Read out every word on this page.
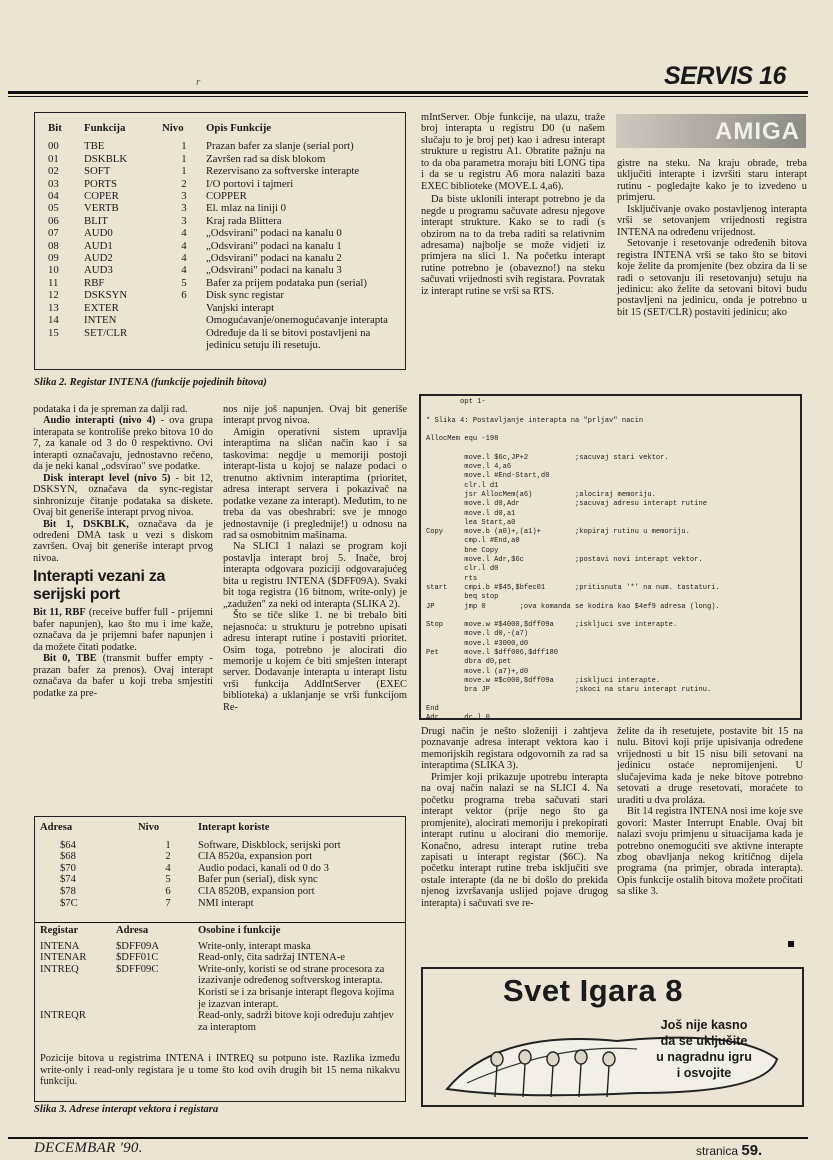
r	SERVIS 16
Bit	Funkcija	Nivo	Opis Funkcije
00	TBE	1	Prazan bafer za slanje (serial port)
01	DSKBLK	1	Završen rad sa disk blokom
02	SOFT	1	Rezervisano za softverske interapte
03	PORTS	2	I/O portovi i tajmeri
04	COPER	3	COPPER
05	VERTB	3	El. mlaz na liniji 0
06	BLIT	3	Kraj rada Blittera
07	AUD0	4	„Odsvirani" podaci na kanalu 0
08	AUD1	4	„Odsvirani" podaci na kanalu 1
09	AUD2	4	„Odsvirani" podaci na kanalu 2
10	AUD3	4	„Odsvirani" podaci na kanalu 3
11	RBF	5	Bafer za prijem podataka pun (serial)
12	DSKSYN	6	Disk sync registar
13	EXTER		Vanjski interapt
14	INTEN		Omogućavanje/onemogućavanje interapta
15	SET/CLR		Određuje da li se bitovi postavljeni na jedinicu setuju ili resetuju.
Slika 2. Registar INTENA (funkcije pojedinih bitova)
AMIGA

mIntServer. Obje funkcije, na ulazu, traže broj interapta u registru D0 (u našem slučaju to je broj pet) kao i adresu interapt strukture u registru A1. Obratite pažnju na to da oba parametra moraju biti LONG tipa i da se u registru A6 mora nalaziti baza EXEC biblioteke (MOVE.L 4,a6).

Da biste uklonili interapt potrebno je da negde u programu sačuvate adresu njegove interapt strukture. Kako se to radi (s obzirom na to da treba raditi sa relativnim adresama) najbolje se može vidjeti iz primjera na slici 1. Na početku interapt rutine potrebno je (obavezno!) na steku sačuvati vrijednosti svih registara. Povratak iz interapt rutine se vrši sa RTS.

gistre na steku. Na kraju obrade, treba uključiti interapte i izvršiti staru interapt rutinu - pogledajte kako je to izvedeno u primjeru.

Isključivanje ovako postavljenog interapta vrši se setovanjem vrijednosti registra INTENA na određenu vrijednost.

Setovanje i resetovanje određenih bitova registra INTENA vrši se tako što se bitovi koje želite da promjenite (bez obzira da li se radi o setovanju ili resetovanju) setuju na jedinicu: ako želite da setovani bitovi budu postavljeni na jedinicu, onda je potrebno u bit 15 (SET/CLR) postaviti jedinicu; ako

podataka i da je spreman za dalji rad.

Audio interapti (nivo 4) - ova grupa interapata se kontroliše preko bitova 10 do 7, za kanale od 3 do 0 respektivno. Ovi interapti označavaju, jednostavno rečeno, da je neki kanal „odsvirao" sve podatke.

Disk interapt level (nivo 5) - bit 12, DSKSYN, označava da sync-registar sinhronizuje čitanje podataka sa diskete. Ovaj bit generiše interapt prvog nivoa.

Bit 1, DSKBLK, označava da je određeni DMA task u vezi s diskom završen. Ovaj bit generiše interapt prvog nivoa.

Interapti vezani za serijski port

Bit 11, RBF (receive buffer full - prijemni bafer napunjen), kao što mu i ime kaže, označava da je prijemni bafer napunjen i da možete čitati podatke.

Bit 0, TBE (transmit buffer empty - prazan bafer za prenos). Ovaj interapt označava da bafer u koji treba smjestiti podatke za pre-

nos nije još napunjen. Ovaj bit generiše interapt prvog nivoa.

Amigin operativni sistem upravlja interaptima na sličan način kao i sa taskovima: negdje u memoriji postoji interapt-lista u kojoj se nalaze podaci o trenutno aktivnim interaptima (prioritet, adresa interapt servera i pokazivač na podatke vezane za interapt). Međutim, to ne treba da vas obeshrabri: sve je mnogo jednostavnije (i preglednije!) u odnosu na rad sa osmobitnim mašinama.

Na SLICI 1 nalazi se program koji postavlja interapt broj 5. Inače, broj interapta odgovara poziciji odgovarajućeg bita u registru INTENA ($DFF09A). Svaki bit toga registra (16 bitnom, write-only) je „zadužen" za neki od interapta (SLIKA 2).

Što se tiče slike 1. ne bi trebalo biti nejasnoća: u strukturu je potrebno upisati adresu interapt rutine i postaviti prioritet. Osim toga, potrebno je alocirati dio memorije u kojem će biti smješten interapt server. Dodavanje interapta u interapt listu vrši funkcija AddIntServer (EXEC biblioteka) a uklanjanje se vrši funkcijom Re-

opt 1-
* Slika 4: Postavljanje interapta na "prljav" nacin
AllocMem equ -198
move.l $6c,JP+2           ;sacuvaj stari vektor.
move.l 4,a6
move.l #End-Start,d0
clr.l d1
jsr AllocMem(a6)          ;alociraj memoriju.
move.l d0,Adr             ;sacuvaj adresu interapt rutine
move.l d0,a1
lea Start,a0
Copy     move.b (a0)+,(a1)+        ;kopiraj rutinu u memoriju.
cmp.l #End,a0
bne Copy
move.l Adr,$6c            ;postavi novi interapt vektor.
clr.l d0
rts
start    cmpi.b #$45,$bfec01       ;pritisnuta '*' na num. tastaturi.
beq stop
JP       jmp 0        ;ova komanda se kodira kao $4ef9 adresa (long).
Stop     move.w #$4000,$dff09a     ;iskljuci sve interapte.
move.l d0,-(a7)
move.l #3000,d0
Pet      move.l $dff006,$dff180
dbra d0,pet
move.l (a7)+,d0
move.w #$c000,$dff09a     ;iskljuci interapte.
bra JP                    ;skoci na staru interapt rutinu.
End
Adr      dc.l 0
Adresa	Nivo	Interapt koriste
$64	1	Software, Diskblock, serijski port
$68	2	CIA 8520a, expansion port
$70	4	Audio podaci, kanali od 0 do 3
$74	5	Bafer pun (serial), disk sync
$78	6	CIA 8520B, expansion port
$7C	7	NMI interapt
Registar	Adresa	Osobine i funkcije
INTENA	$DFF09A	Write-only, interapt maska
INTENAR	$DFF01C	Read-only, čita sadržaj INTENA-e
INTREQ	$DFF09C	Write-only, koristi se od strane procesora za izazivanje određenog softverskog interapta. Koristi se i za brisanje interapt flegova kojima je izazvan interapt.
INTREQR		Read-only, sadrži bitove koji određuju zahtjev za interaptom
Pozicije bitova u registrima INTENA i INTREQ su potpuno iste. Razlika između write-only i read-only registara je u tome što kod ovih drugih bit 15 nema nikakvu funkciju.
Slika 3. Adrese interapt vektora i registara

Drugi način je nešto složeniji i zahtjeva poznavanje adresa interapt vektora kao i memorijskih registara odgovornih za rad sa interaptima (SLIKA 3).

Primjer koji prikazuje upotrebu interapta na ovaj način nalazi se na SLICI 4. Na početku programa treba sačuvati stari interapt vektor (prije nego što ga promjenite), alocirati memoriju i prekopirati interapt rutinu u alocirani dio memorije. Konačno, adresu interapt rutine treba zapisati u interapt registar ($6C). Na početku interapt rutine treba isključiti sve ostale interapte (da ne bi došlo do prekida njenog izvršavanja uslijed pojave drugog interapta) i sačuvati sve re-

želite da ih resetujete, postavite bit 15 na nulu. Bitovi koji prije upisivanja određene vrijednosti u bit 15 nisu bili setovani na jedinicu ostaće nepromijenjeni. U slučajevima kada je neke bitove potrebno setovati a druge resetovati, moraćete to uraditi u dva proláza.

Bit 14 registra INTENA nosi ime koje sve govori: Master Interrupt Enable. Ovaj bit nalazi svoju primjenu u situacijama kada je potrebno onemogućiti sve aktivne interapte zbog obavljanja nekog kritičnog dijela programa (na primjer, obrada interapta). Opis funkcije ostalih bitova možete pročitati sa slike 3.

Svet Igara 8
Još nije kasno
da se uključite
u nagradnu igru
i osvojite
DECEMBAR '90.	stranica 59.
